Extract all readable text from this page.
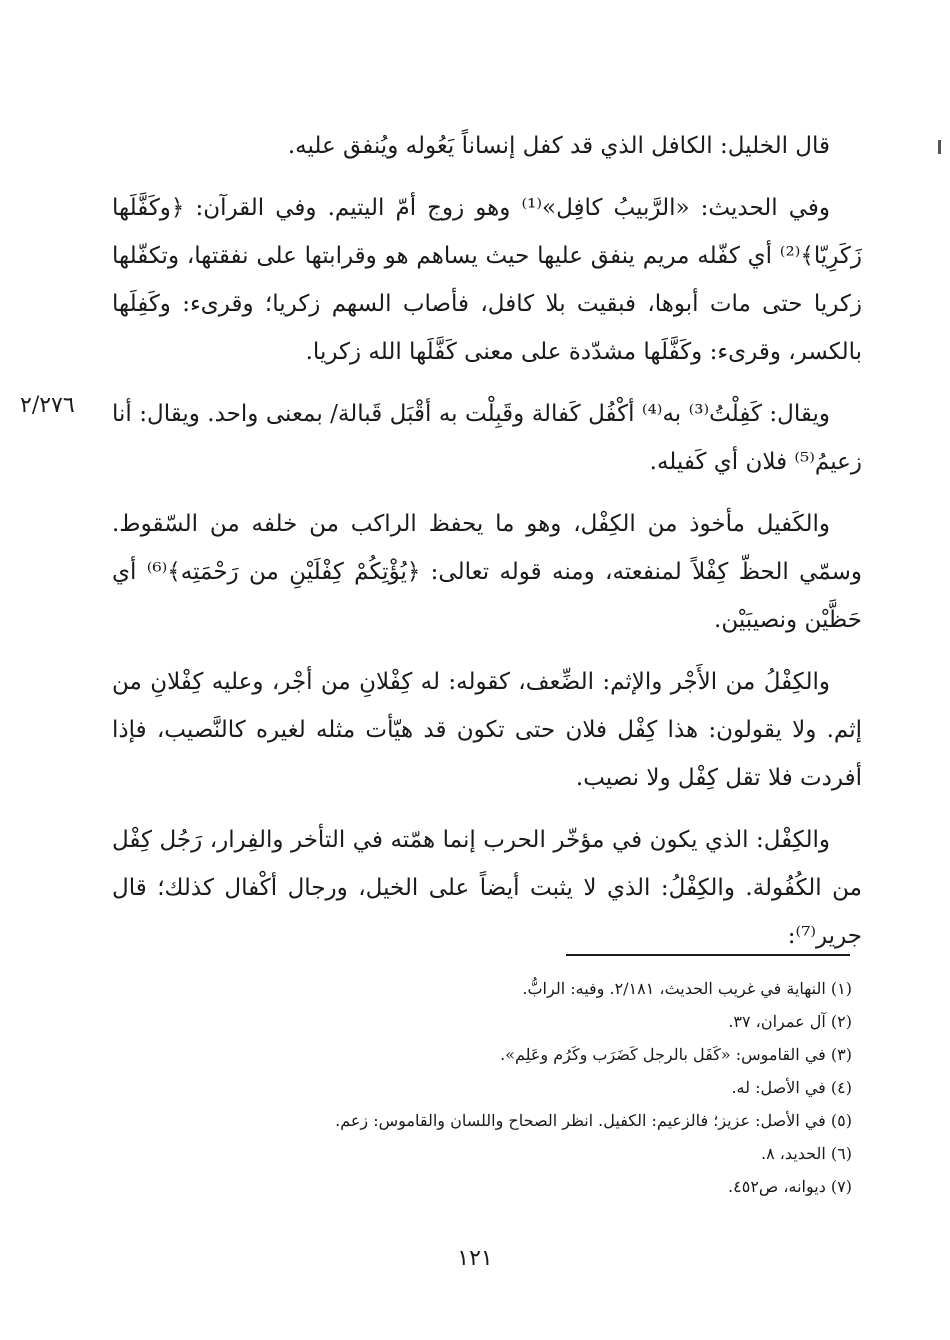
قال الخليل: الكافل الذي قد كفل إنساناً يَعُوله ويُنفق عليه.

وفي الحديث: «الرَّبيبُ كافِل»⁽¹⁾ وهو زوج أمّ اليتيم. وفي القرآن: ﴿وكَفَّلَها زَكَرِيّا﴾⁽²⁾ أي كفّله مريم ينفق عليها حيث يساهم هو وقرابتها على نفقتها، وتكفّلها زكريا حتى مات أبوها، فبقيت بلا كافل، فأصاب السهم زكريا؛ وقرىء: وكَفِلَها بالكسر، وقرىء: وكَفَّلَها مشدّدة على معنى كَفَّلَها الله زكريا.

ويقال: كَفِلْتُ⁽³⁾ به⁽⁴⁾ أكْفُل كَفالة وقَبِلْت به أقْبَل قَبالة/ بمعنى واحد. ويقال: أنا زعيمُ⁽⁵⁾ فلان أي كَفيله.

والكَفيل مأخوذ من الكِفْل، وهو ما يحفظ الراكب من خلفه من السّقوط. وسمّي الحظّ كِفْلاً لمنفعته، ومنه قوله تعالى: ﴿يُؤْتِكُمْ كِفْلَيْنِ من رَحْمَتِه﴾⁽⁶⁾ أي حَظَّيْن ونصيبَيْن.

والكِفْلُ من الأَجْر والإثم: الضِّعف، كقوله: له كِفْلانِ من أجْر، وعليه كِفْلانِ من إثم. ولا يقولون: هذا كِفْل فلان حتى تكون قد هيّأت مثله لغيره كالنَّصيب، فإذا أفردت فلا تقل كِفْل ولا نصيب.

والكِفْل: الذي يكون في مؤخّر الحرب إنما همّته في التأخر والفِرار، رَجُل كِفْل من الكُفُولة. والكِفْلُ: الذي لا يثبت أيضاً على الخيل، ورجال أكْفال كذلك؛ قال جرير⁽⁷⁾:

٢/٢٧٦

(١) النهاية في غريب الحديث، ٢/١٨١. وفيه: الرابُّ.

(٢) آل عمران، ٣٧.

(٣) في القاموس: «كَفَل بالرجل كَضَرَب وكَرُم وعَلِم».

(٤) في الأصل: له.

(٥) في الأصل: عزيز؛ فالزعيم: الكفيل. انظر الصحاح واللسان والقاموس: زعم.

(٦) الحديد، ٨.

(٧) ديوانه، ص٤٥٢.

١٢١
